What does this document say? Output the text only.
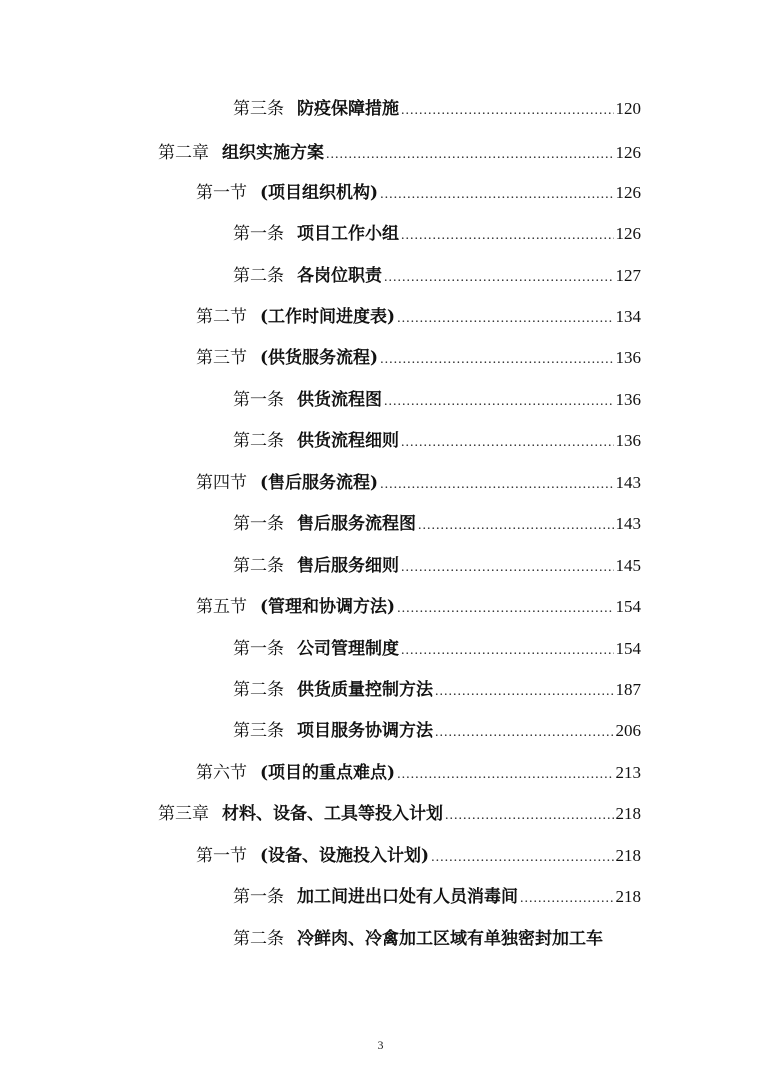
第三条 防疫保障措施 .....	120
第二章 组织实施方案 .....	126
第一节 (项目组织机构) .....	126
第一条 项目工作小组 .....	126
第二条 各岗位职责 .....	127
第二节 (工作时间进度表) .....	134
第三节 (供货服务流程) .....	136
第一条 供货流程图 .....	136
第二条 供货流程细则 .....	136
第四节 (售后服务流程) .....	143
第一条 售后服务流程图 .....	143
第二条 售后服务细则 .....	145
第五节 (管理和协调方法) .....	154
第一条 公司管理制度 .....	154
第二条 供货质量控制方法 .....	187
第三条 项目服务协调方法 .....	206
第六节 (项目的重点难点) .....	213
第三章 材料、设备、工具等投入计划 .....	218
第一节 (设备、设施投入计划) .....	218
第一条 加工间进出口处有人员消毒间 .....	218
第二条 冷鲜肉、冷禽加工区域有单独密封加工车
3
